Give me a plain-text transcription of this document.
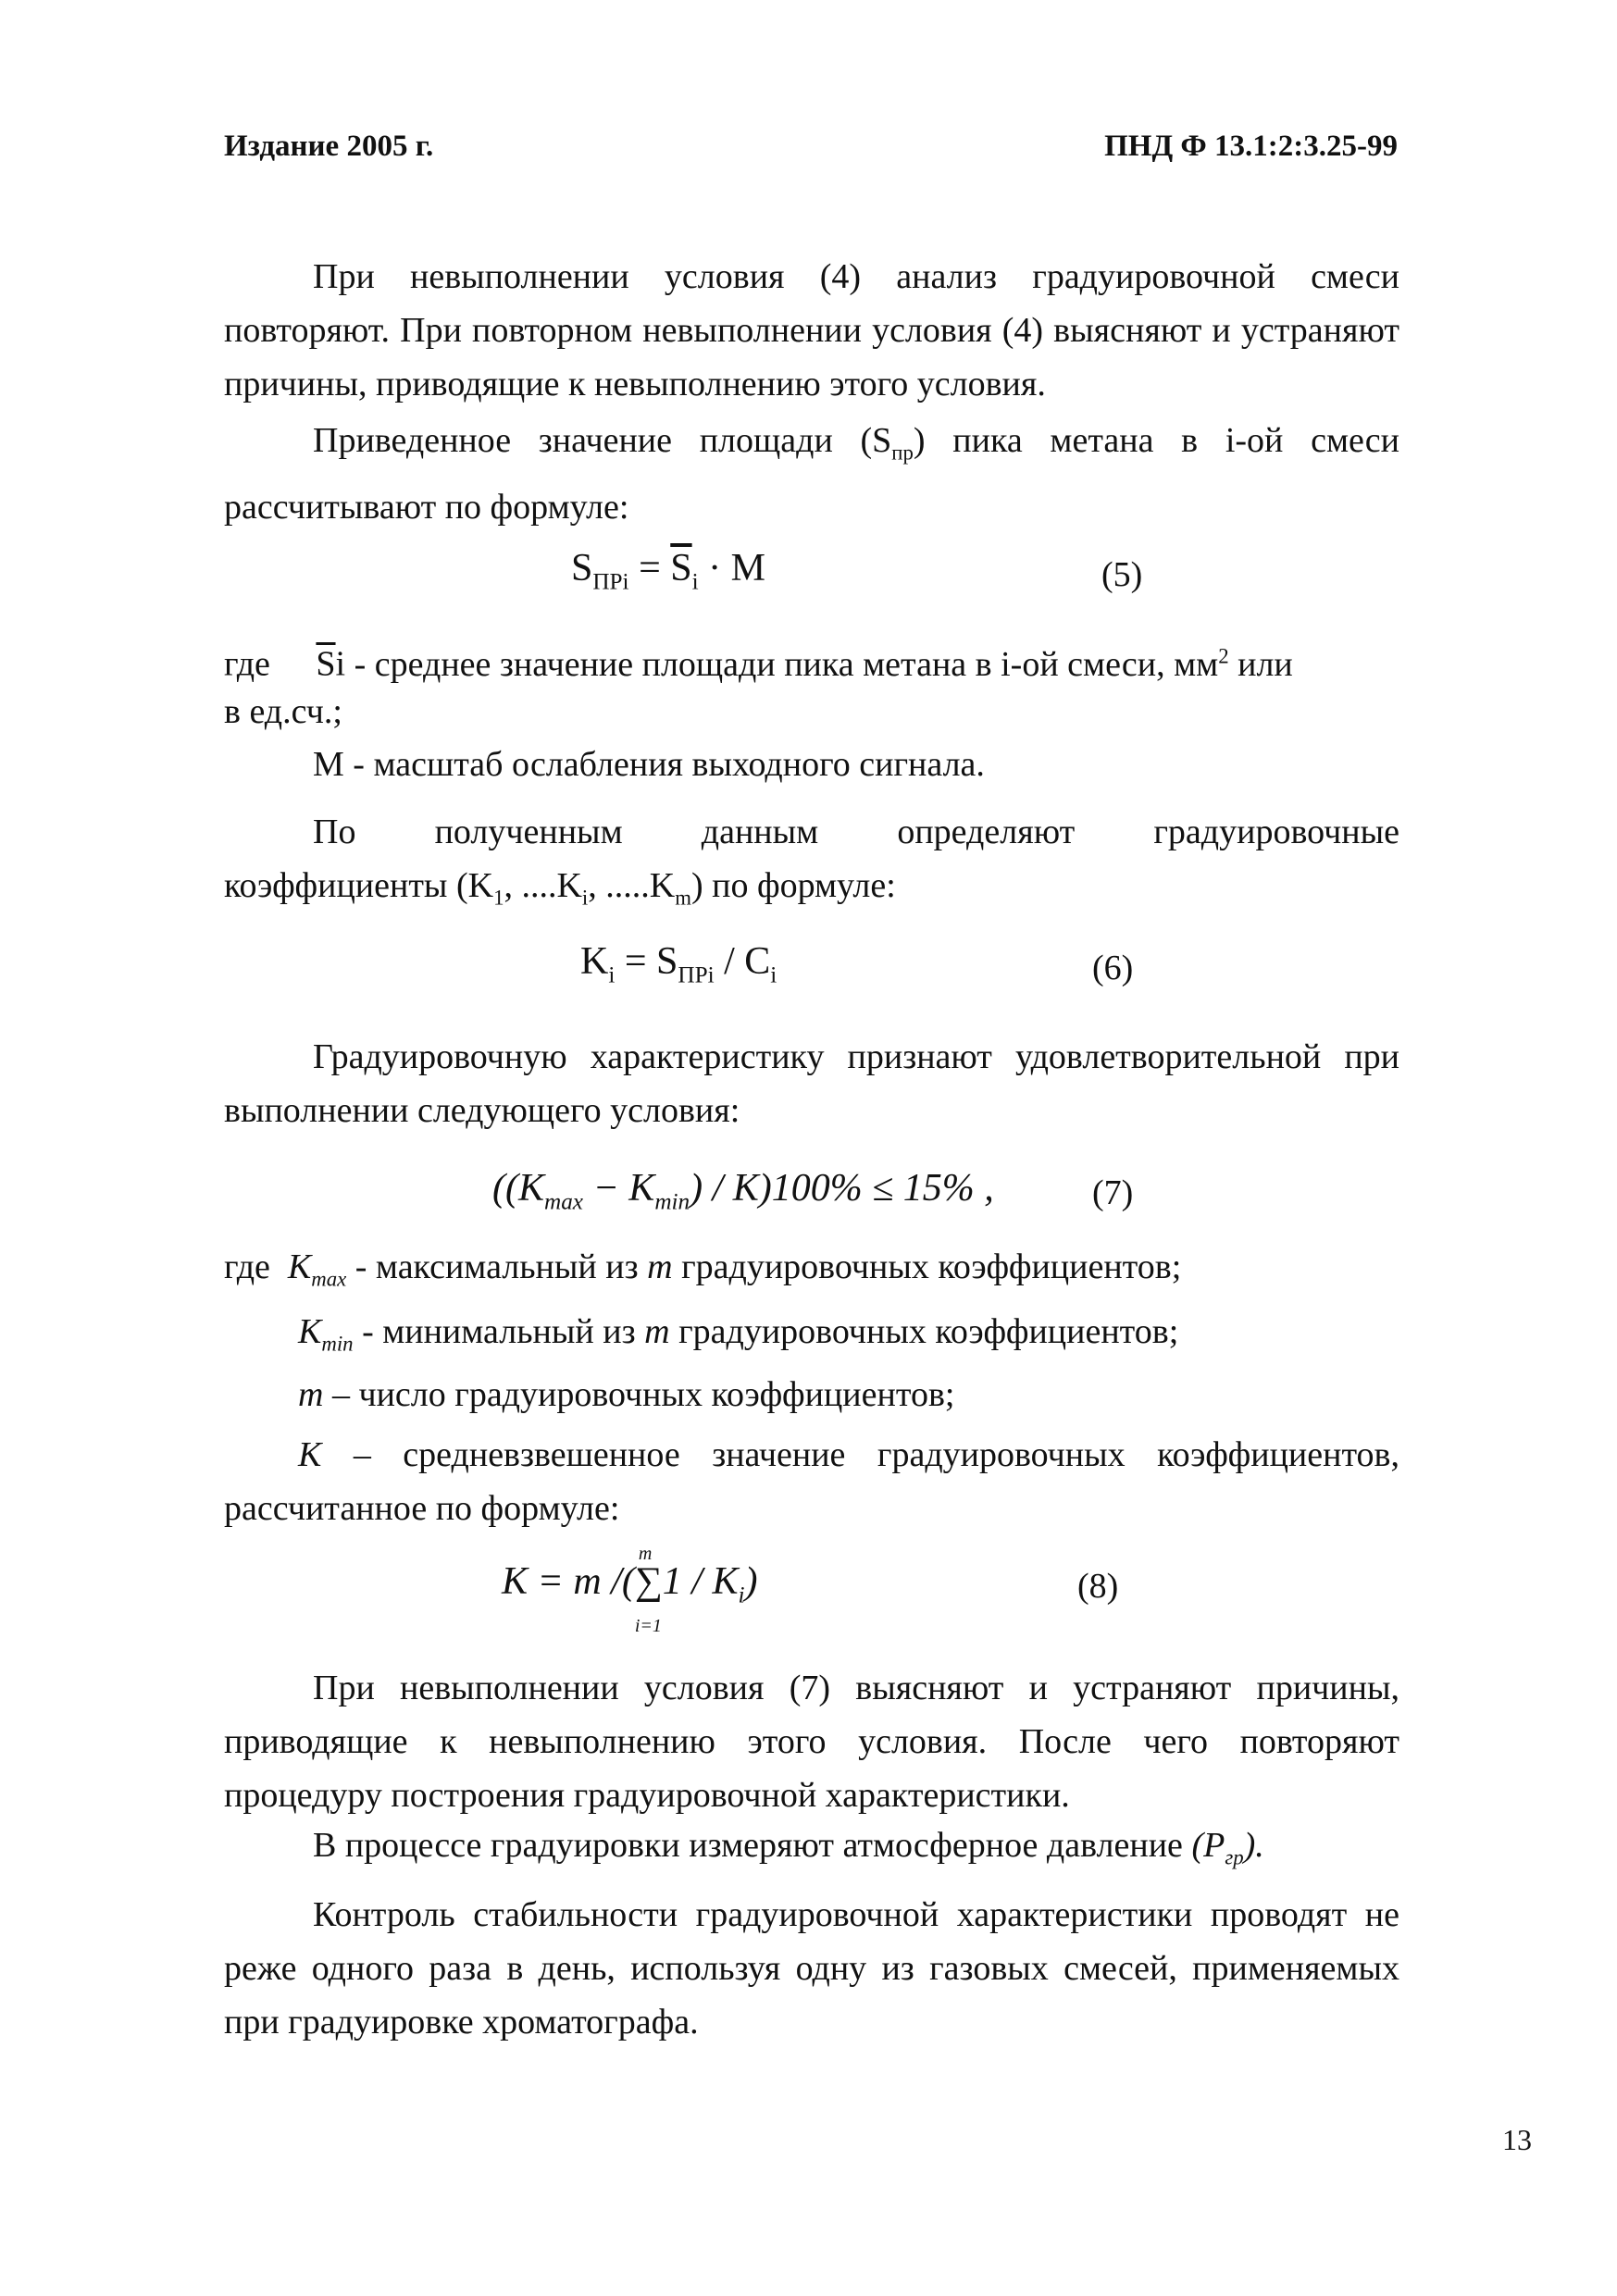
Издание 2005 г.	ПНД Ф 13.1:2:3.25-99

При невыполнении условия (4) анализ градуировочной смеси повторяют. При повторном невыполнении условия (4) выясняют и устраняют причины, приводящие к невыполнению этого условия.

Приведенное значение площади $(S_{пр})$ пика метана в i-ой смеси рассчитывают по формуле:

$S_{ПРi} = \overline{S}_i \cdot M$	(5)
где $\overline{S}i$ - среднее значение площади пика метана в i-ой смеси, $мм^2$ или
в ед.сч.;
М - масштаб ослабления выходного сигнала.

По      полученным      данным      определяют      градуировочные коэффициенты ($K_1$, $....K_i$, $.....K_m$) по формуле:

$K_i = S_{ПРi} / C_i$	(6)

Градуировочную характеристику признают удовлетворительной при выполнении следующего условия:

$((K_{max} - K_{min}) / K)100\% \le 15\%$ ,	(7)
где $K_{max}$ - максимальный из m градуировочных коэффициентов;
$K_{min}$ - минимальный из m градуировочных коэффициентов;
m – число градуировочных коэффициентов;

K – средневзвешенное значение градуировочных коэффициентов, рассчитанное по формуле:

K = m /(∑
m
i=1
$1 / K_i$)	(8)

При невыполнении условия (7) выясняют и устраняют причины, приводящие к невыполнению этого условия. После чего повторяют процедуру построения градуировочной характеристики.

В процессе градуировки измеряют атмосферное давление $(P_{гр})$.

Контроль стабильности градуировочной характеристики проводят не реже одного раза в день, используя одну из газовых смесей, применяемых при градуировке хроматографа.

13
